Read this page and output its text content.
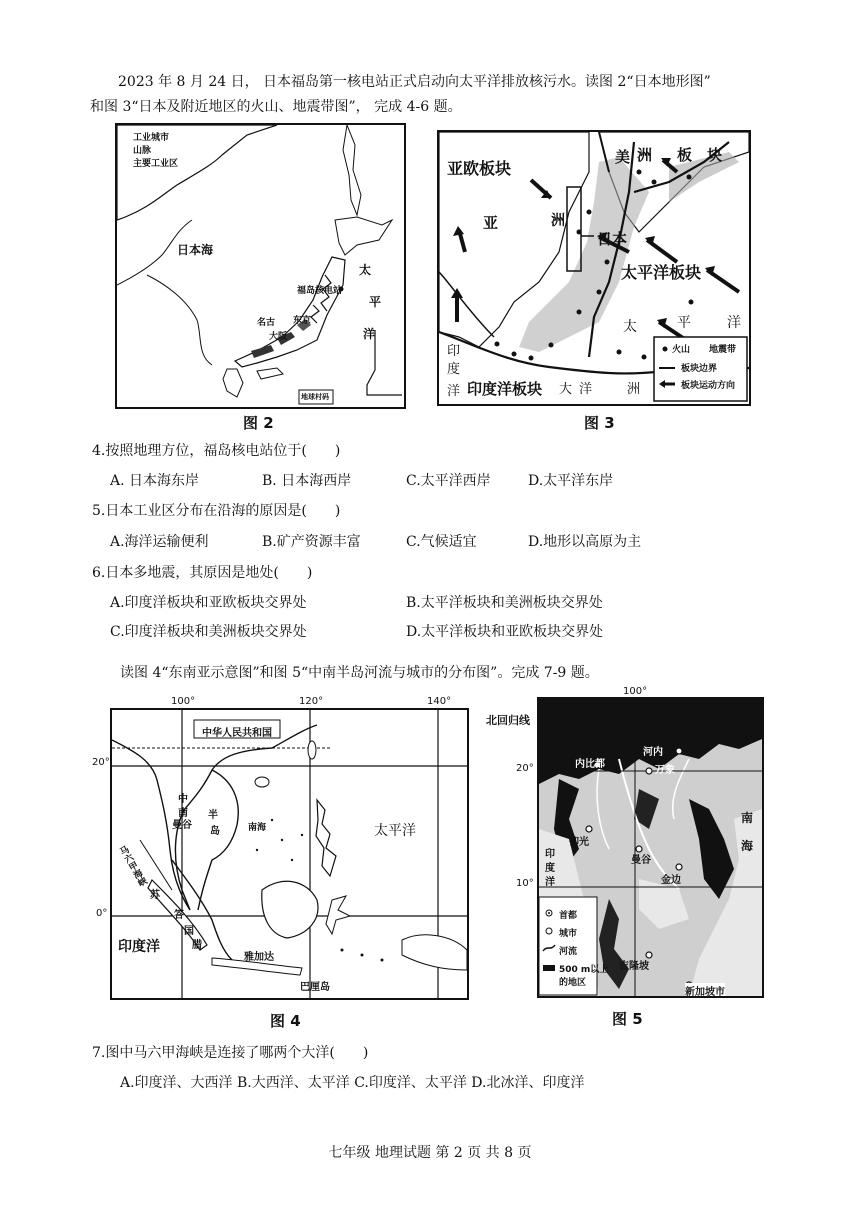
2023 年 8 月 24 日， 日本福岛第一核电站正式启动向太平洋排放核污水。读图 2“日本地形图”

和图 3“日本及附近地区的火山、地震带图”， 完成 4-6 题。

工业城市
山脉
主要工业区
日本海
福岛核电站
太
平
洋
东京
名古
大阪
地球村码
图 2
亚欧板块
美 洲 板 块
亚	洲
日本
太平洋板块
太	平	洋
印
度
洋 印度洋板块 大 洋	洲
火山 地震带
板块边界
板块运动方向
图 3
4.按照地理方位，福岛核电站位于(　　)
A. 日本海东岸	B. 日本海西岸	C.太平洋西岸	D.太平洋东岸
5.日本工业区分布在沿海的原因是(　　)
A.海洋运输便利	B.矿产资源丰富	C.气候适宜	D.地形以高原为主
6.日本多地震，其原因是地处(　　)
A.印度洋板块和亚欧板块交界处	B.太平洋板块和美洲板块交界处
C.印度洋板块和美洲板块交界处	D.太平洋板块和亚欧板块交界处
读图 4“东南亚示意图”和图 5“中南半岛河流与城市的分布图”。完成 7-9 题。
中华人民共和国
太平洋
南海
印度洋
中
南 半
岛
曼谷
马六甲海峡
苏
答
国
腊
雅加达
巴厘岛
100°	120°	140°
20°
0°
图 4
河内
内比都
万象
仰光
曼谷
金边
南
海
印
度
洋
吉隆坡
新加坡市
首都
城市
河流
500 m以上
的地区
100°
北回归线
20°
10°
图 5
7.图中马六甲海峡是连接了哪两个大洋(　　)
A.印度洋、大西洋 B.大西洋、太平洋 C.印度洋、太平洋 D.北冰洋、印度洋
七年级 地理试题 第 2 页 共 8 页
